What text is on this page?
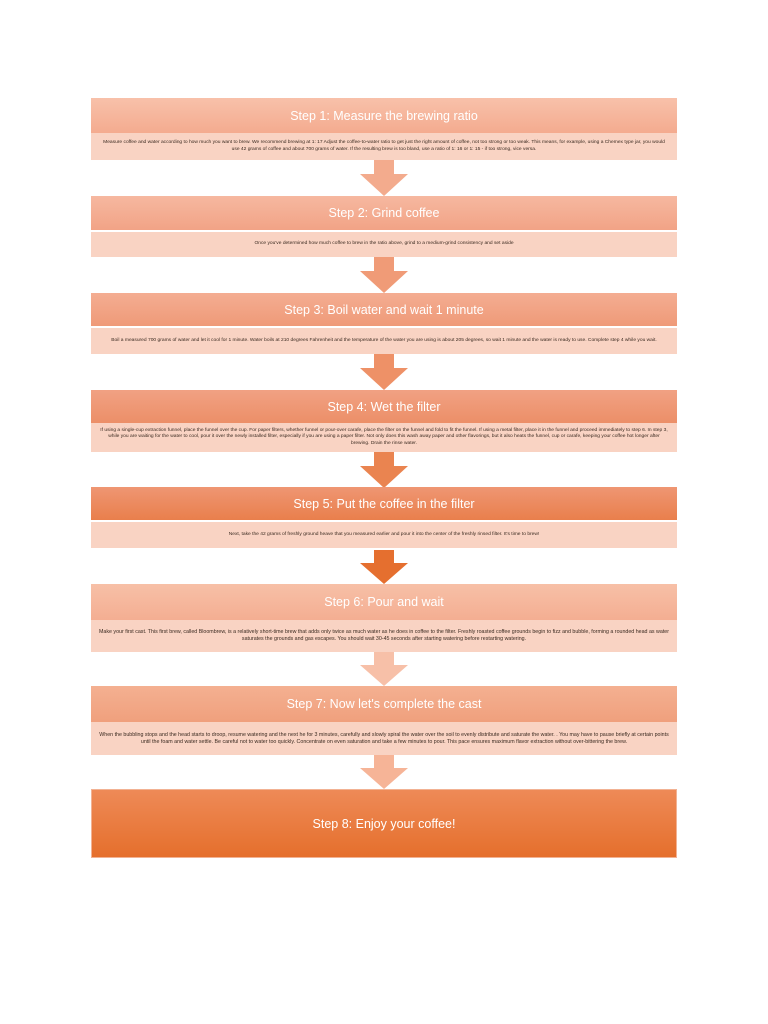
Step 1: Measure the brewing ratio
Measure coffee and water according to how much you want to brew. We recommend brewing at 1: 17 Adjust the coffee-to-water ratio to get just the right amount of coffee, not too strong or too weak. This means, for example, using a Chemex type jar, you would use 42 grams of coffee and about 700 grams of water. If the resulting brew is too bland, use a ratio of 1: 16 or 1: 15 - if too strong, vice versa.
Step 2: Grind coffee
Once you've determined how much coffee to brew in the ratio above, grind to a medium-grind consistency and set aside
Step 3: Boil water and wait 1 minute
Boil a measured 700 grams of water and let it cool for 1 minute. Water boils at 210 degrees Fahrenheit and the temperature of the water you are using is about 205 degrees, so wait 1 minute and the water is ready to use. Complete step 4 while you wait.
Step 4: Wet the filter
If using a single-cup extraction funnel, place the funnel over the cup. For paper filters, whether funnel or pour-over carafe, place the filter on the funnel and fold to fit the funnel. If using a metal filter, place it in the funnel and proceed immediately to step 6. In step 3, while you are waiting for the water to cool, pour it over the newly installed filter, especially if you are using a paper filter. Not only does this wash away paper and other flavorings, but it also heats the funnel, cup or carafe, keeping your coffee hot longer after brewing. Drain the rinse water.
Step 5: Put the coffee in the filter
Next, take the 42 grams of freshly ground heave that you measured earlier and pour it into the center of the freshly rinsed filter. It's time to brew!
Step 6: Pour and wait
Make your first cast. This first brew, called Bloombrew, is a relatively short-time brew that adds only twice as much water as he does in coffee to the filter. Freshly roasted coffee grounds begin to fizz and bubble, forming a rounded head as water saturates the grounds and gas escapes. You should wait 30-45 seconds after starting watering before restarting watering.
Step 7: Now let's complete the cast
When the bubbling stops and the head starts to droop, resume watering and the next he for 3 minutes, carefully and slowly spiral the water over the soil to evenly distribute and saturate the water. . You may have to pause briefly at certain points until the foam and water settle. Be careful not to water too quickly. Concentrate on even saturation and take a few minutes to pour. This pace ensures maximum flavor extraction without over-bittering the brew.
Step 8: Enjoy your coffee!
